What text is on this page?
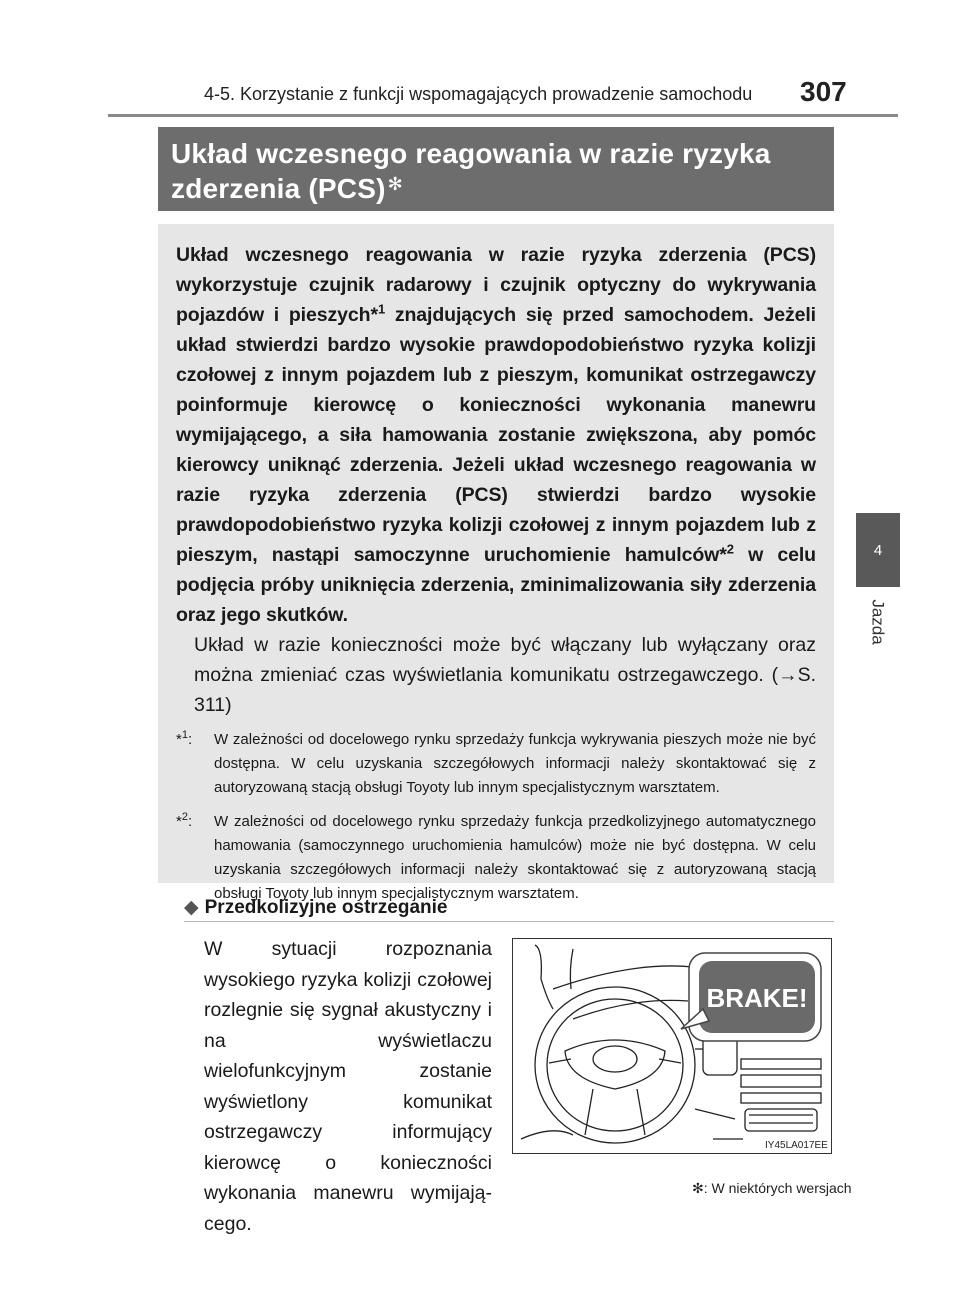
4-5. Korzystanie z funkcji wspomagających prowadzenie samochodu 307
4
Jazda
Układ wczesnego reagowania w razie ryzyka
zderzenia (PCS) ✻
Układ wczesnego reagowania w razie ryzyka zderzenia (PCS) wykorzystuje czujnik radarowy i czujnik optyczny do wykrywania pojazdów i pieszych*$^1$ znajdujących się przed samochodem. Jeżeli układ stwierdzi bardzo wysokie prawdopodobieństwo ryzyka kolizji czołowej z innym pojazdem lub z pieszym, komunikat ostrzegawczy poinformuje kierowcę o konieczności wykonania manewru wymijającego, a siła hamowania zostanie zwiększona, aby pomóc kierowcy uniknąć zderzenia. Jeżeli układ wczesnego reagowania w razie ryzyka zderzenia (PCS) stwierdzi bardzo wysokie prawdopodobieństwo ryzyka kolizji czołowej z innym pojazdem lub z pieszym, nastąpi samoczynne uruchomienie hamulców*$^2$ w celu podjęcia próby uniknięcia zderzenia, zminimalizowania siły zderzenia oraz jego skutków.
Układ w razie konieczności może być włączany lub wyłączany oraz można zmieniać czas wyświetlania komunikatu ostrzegawczego. (→S. 311)
*$^1$:	W zależności od docelowego rynku sprzedaży funkcja wykrywania pieszych może nie być dostępna. W celu uzyskania szczegółowych informacji należy skontaktować się z autoryzowaną stacją obsługi Toyoty lub innym specjalistycznym warsztatem.
*$^2$:	W zależności od docelowego rynku sprzedaży funkcja przedkolizyjnego automatycznego hamowania (samoczynnego uruchomienia hamulców) może nie być dostępna. W celu uzyskania szczegółowych informacji należy skontaktować się z autoryzowaną stacją obsługi Toyoty lub innym specjalistycznym warsztatem.
◆ Przedkolizyjne ostrzeganie
W sytuacji rozpoznania wysokiego ryzyka kolizji czołowej rozlegnie się sygnał akustyczny i na wyświetlaczu wielofunkcyjnym zostanie wyświetlony komunikat ostrzegawczy informujący kierowcę o konieczności wykonania manewru wymijają-
cego.
BRAKE!
IY45LA017EE
✻: W niektórych wersjach
